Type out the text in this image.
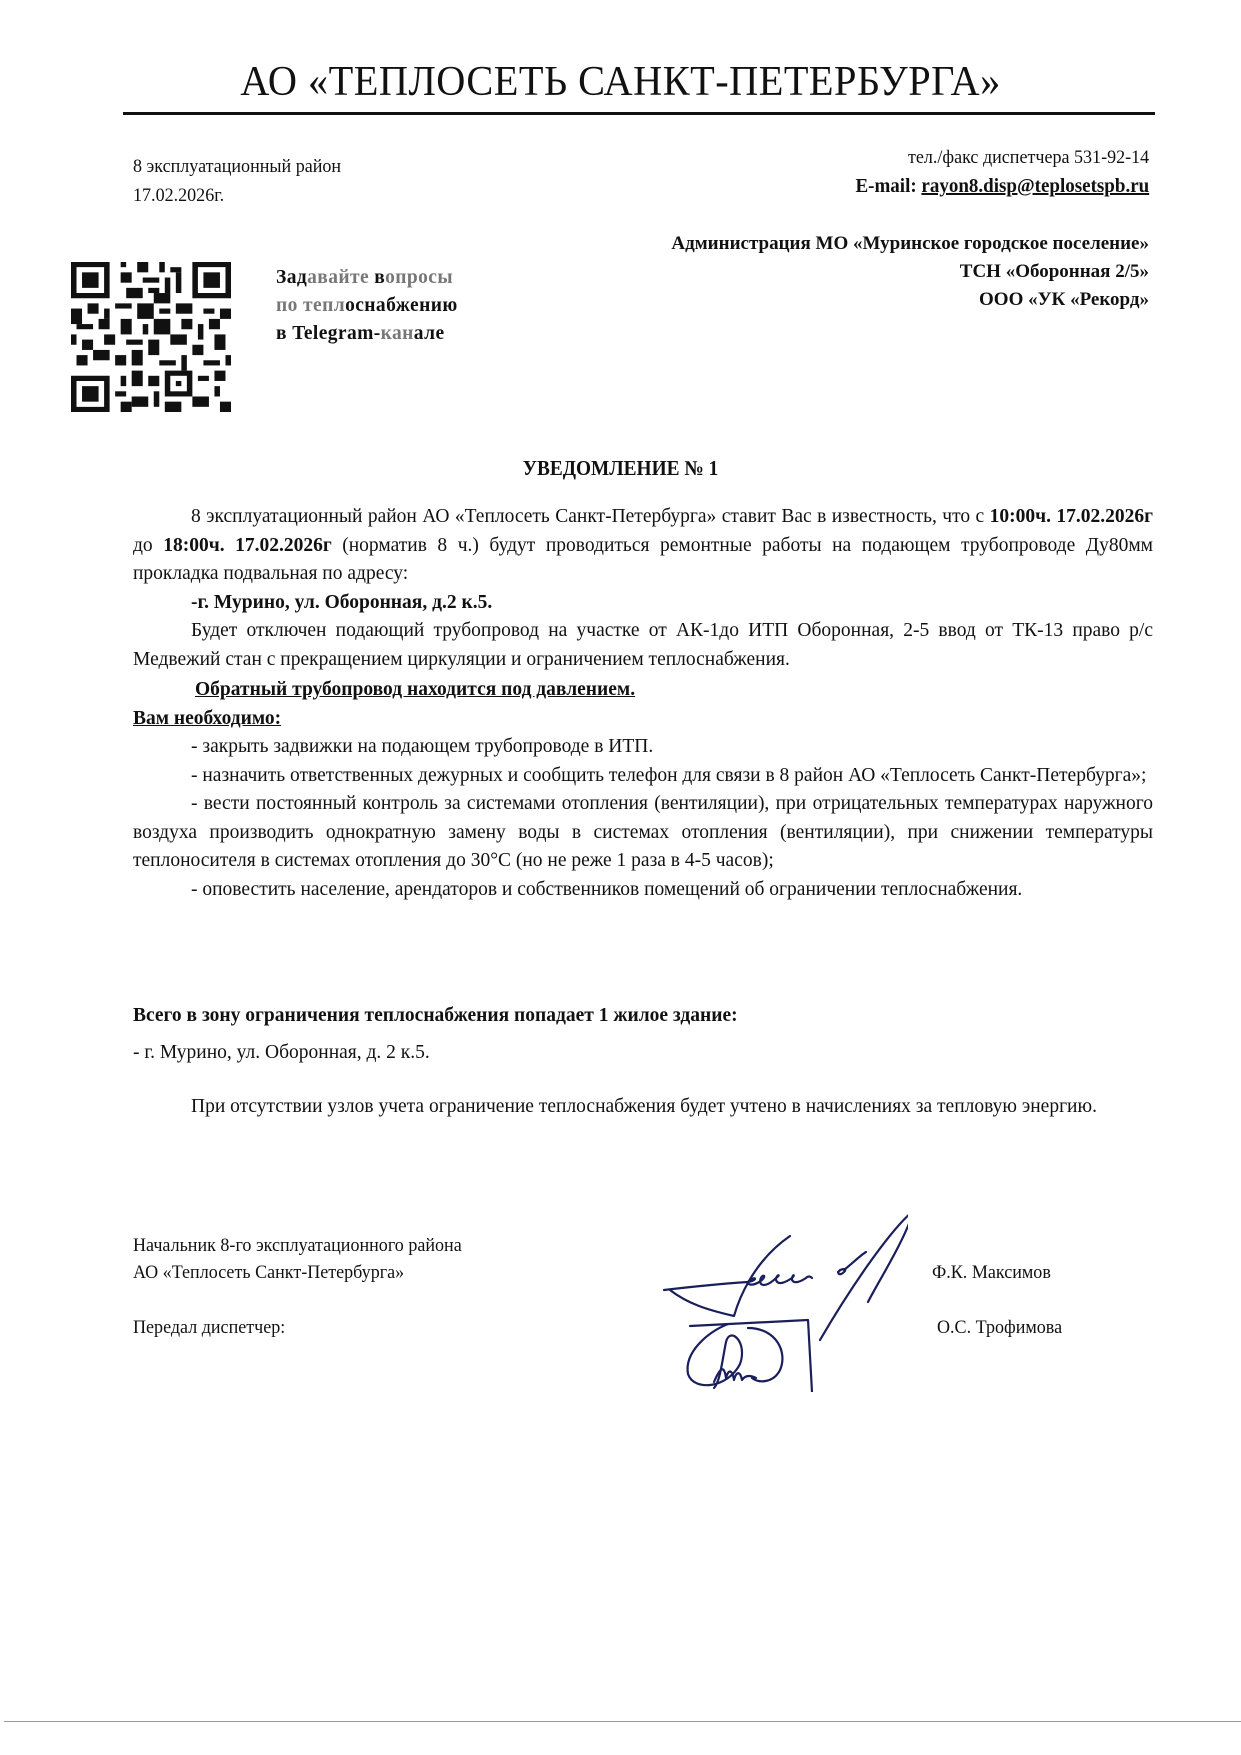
АО «ТЕПЛОСЕТЬ САНКТ-ПЕТЕРБУРГА»
8 эксплуатационный район
17.02.2026г.
тел./факс диспетчера 531-92-14
E-mail: rayon8.disp@teplosetspb.ru
Администрация МО «Муринское городское поселение»
ТСН «Оборонная 2/5»
ООО «УК «Рекорд»
Задавайте вопросы
по теплоснабжению
в Telegram-канале
УВЕДОМЛЕНИЕ № 1

8 эксплуатационный район АО «Теплосеть Санкт-Петербурга» ставит Вас в известность, что с 10:00ч. 17.02.2026г до 18:00ч. 17.02.2026г (норматив 8 ч.) будут проводиться ремонтные работы на подающем трубопроводе Ду80мм прокладка подвальная по адресу:

-г. Мурино, ул. Оборонная, д.2 к.5.

Будет отключен подающий трубопровод на участке от АК-1до ИТП Оборонная, 2-5 ввод от ТК-13 право р/с Медвежий стан с прекращением циркуляции и ограничением теплоснабжения.

Обратный трубопровод находится под давлением.

Вам необходимо:

- закрыть задвижки на подающем трубопроводе в ИТП.

- назначить ответственных дежурных и сообщить телефон для связи в 8 район АО «Теплосеть Санкт-Петербурга»;

- вести постоянный контроль за системами отопления (вентиляции), при отрицательных температурах наружного воздуха производить однократную замену воды в системах отопления (вентиляции), при снижении температуры теплоносителя в системах отопления до 30°С (но не реже 1 раза в 4-5 часов);

- оповестить население, арендаторов и собственников помещений об ограничении теплоснабжения.

Всего в зону ограничения теплоснабжения попадает 1 жилое здание:

- г. Мурино, ул. Оборонная, д. 2 к.5.

При отсутствии узлов учета ограничение теплоснабжения будет учтено в начислениях за тепловую энергию.

Начальник 8-го эксплуатационного района
АО «Теплосеть Санкт-Петербурга»
Передал диспетчер:
Ф.К. Максимов
О.С. Трофимова
